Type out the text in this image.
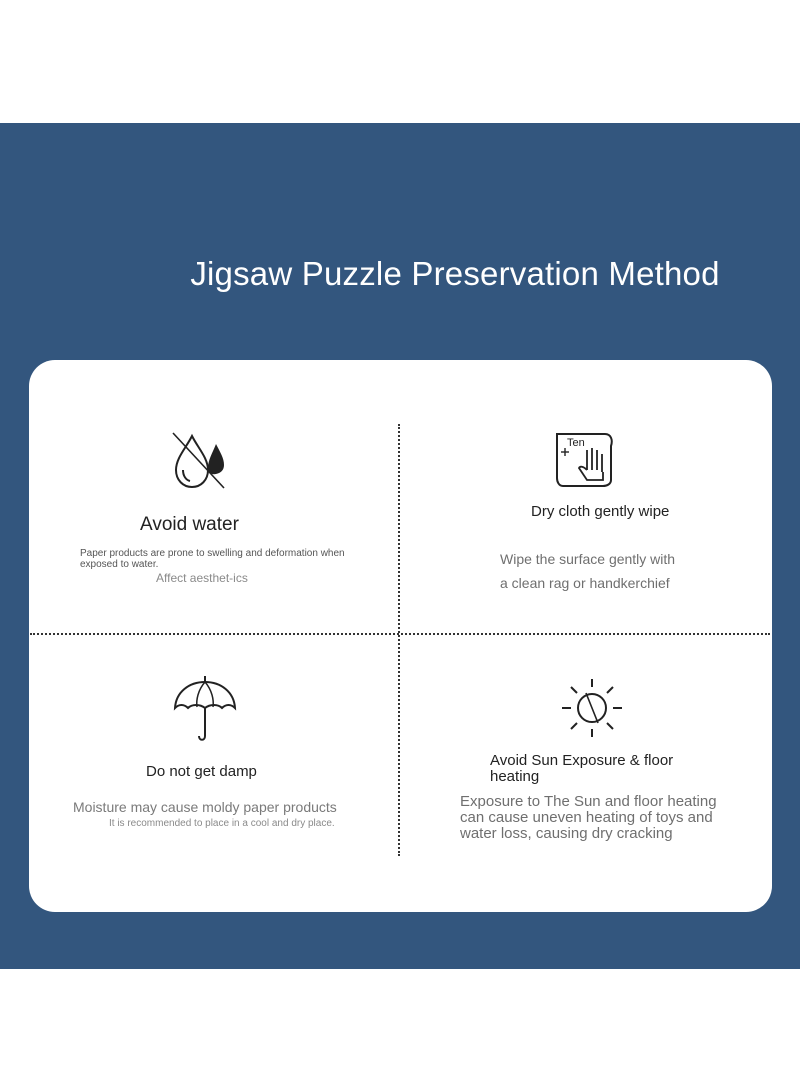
Jigsaw Puzzle Preservation Method
Avoid water
Paper products are prone to swelling and deformation when exposed to water.
Affect aesthet-ics
Ten
Dry cloth gently wipe
Wipe the surface gently with
a clean rag or handkerchief
Do not get damp
Moisture may cause moldy paper products
It is recommended to place in a cool and dry place.
Avoid Sun Exposure & floor heating
Exposure to The Sun and floor heating can cause uneven heating of toys and water loss, causing dry cracking
